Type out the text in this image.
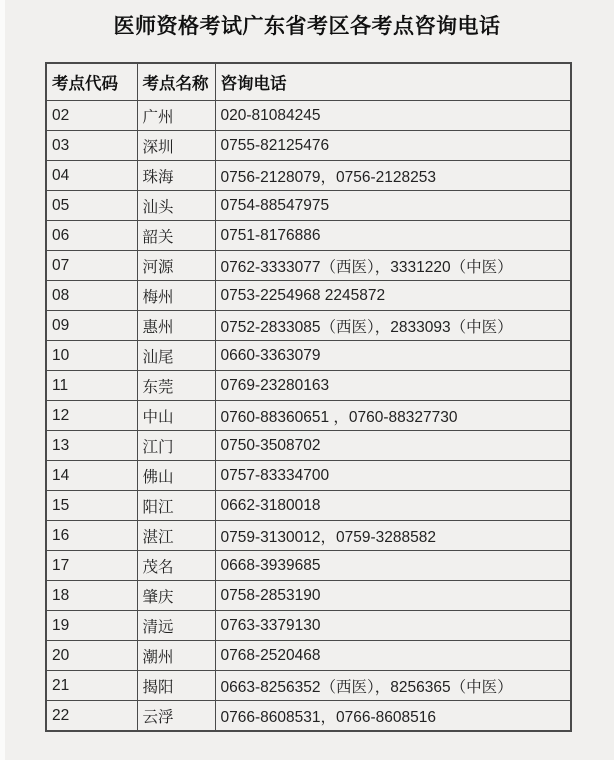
医师资格考试广东省考区各考点咨询电话
考点代码	考点名称	咨询电话
02	广州	020-81084245
03	深圳	0755-82125476
04	珠海	0756-2128079，0756-2128253
05	汕头	0754-88547975
06	韶关	0751-8176886
07	河源	0762-3333077（西医），3331220（中医）
08	梅州	0753-2254968 2245872
09	惠州	0752-2833085（西医），2833093（中医）
10	汕尾	0660-3363079
11	东莞	0769-23280163
12	中山	0760-88360651 ，0760-88327730
13	江门	0750-3508702
14	佛山	0757-83334700
15	阳江	0662-3180018
16	湛江	0759-3130012，0759-3288582
17	茂名	0668-3939685
18	肇庆	0758-2853190
19	清远	0763-3379130
20	潮州	0768-2520468
21	揭阳	0663-8256352（西医），8256365（中医）
22	云浮	0766-8608531，0766-8608516
